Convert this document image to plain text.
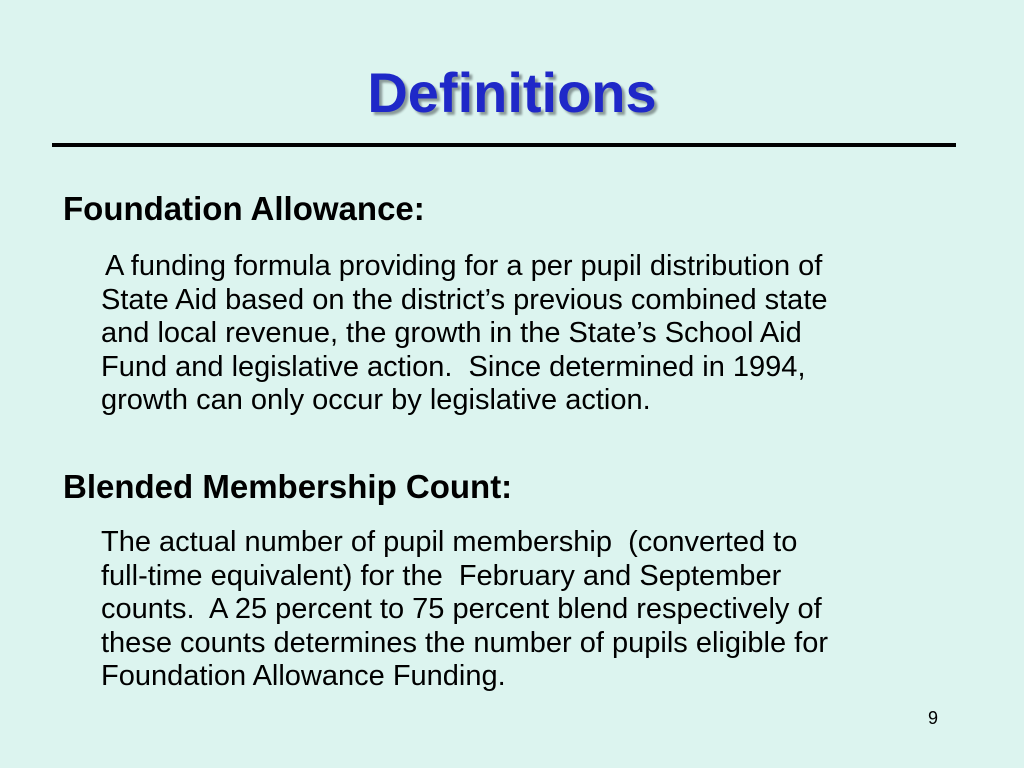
Definitions
Foundation Allowance:
A funding formula providing for a per pupil distribution of
State Aid based on the district’s previous combined state
and local revenue, the growth in the State’s School Aid
Fund and legislative action.  Since determined in 1994,
growth can only occur by legislative action.
Blended Membership Count:
The actual number of pupil membership  (converted to
full-time equivalent) for the  February and September
counts.  A 25 percent to 75 percent blend respectively of
these counts determines the number of pupils eligible for
Foundation Allowance Funding.
9
